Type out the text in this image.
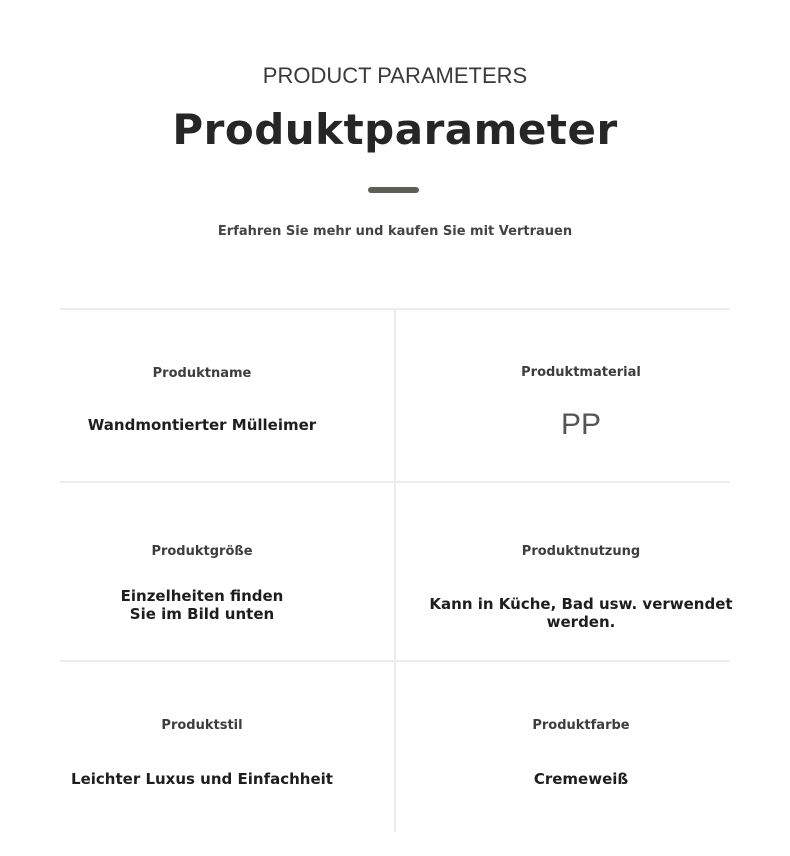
PRODUCT PARAMETERS
Produktparameter
Erfahren Sie mehr und kaufen Sie mit Vertrauen
Produktname
Wandmontierter Mülleimer
Produktmaterial
PP
Produktgröße
Einzelheiten finden
Sie im Bild unten
Produktnutzung
Kann in Küche, Bad usw. verwendet werden.
Produktstil
Leichter Luxus und Einfachheit
Produktfarbe
Cremeweiß
